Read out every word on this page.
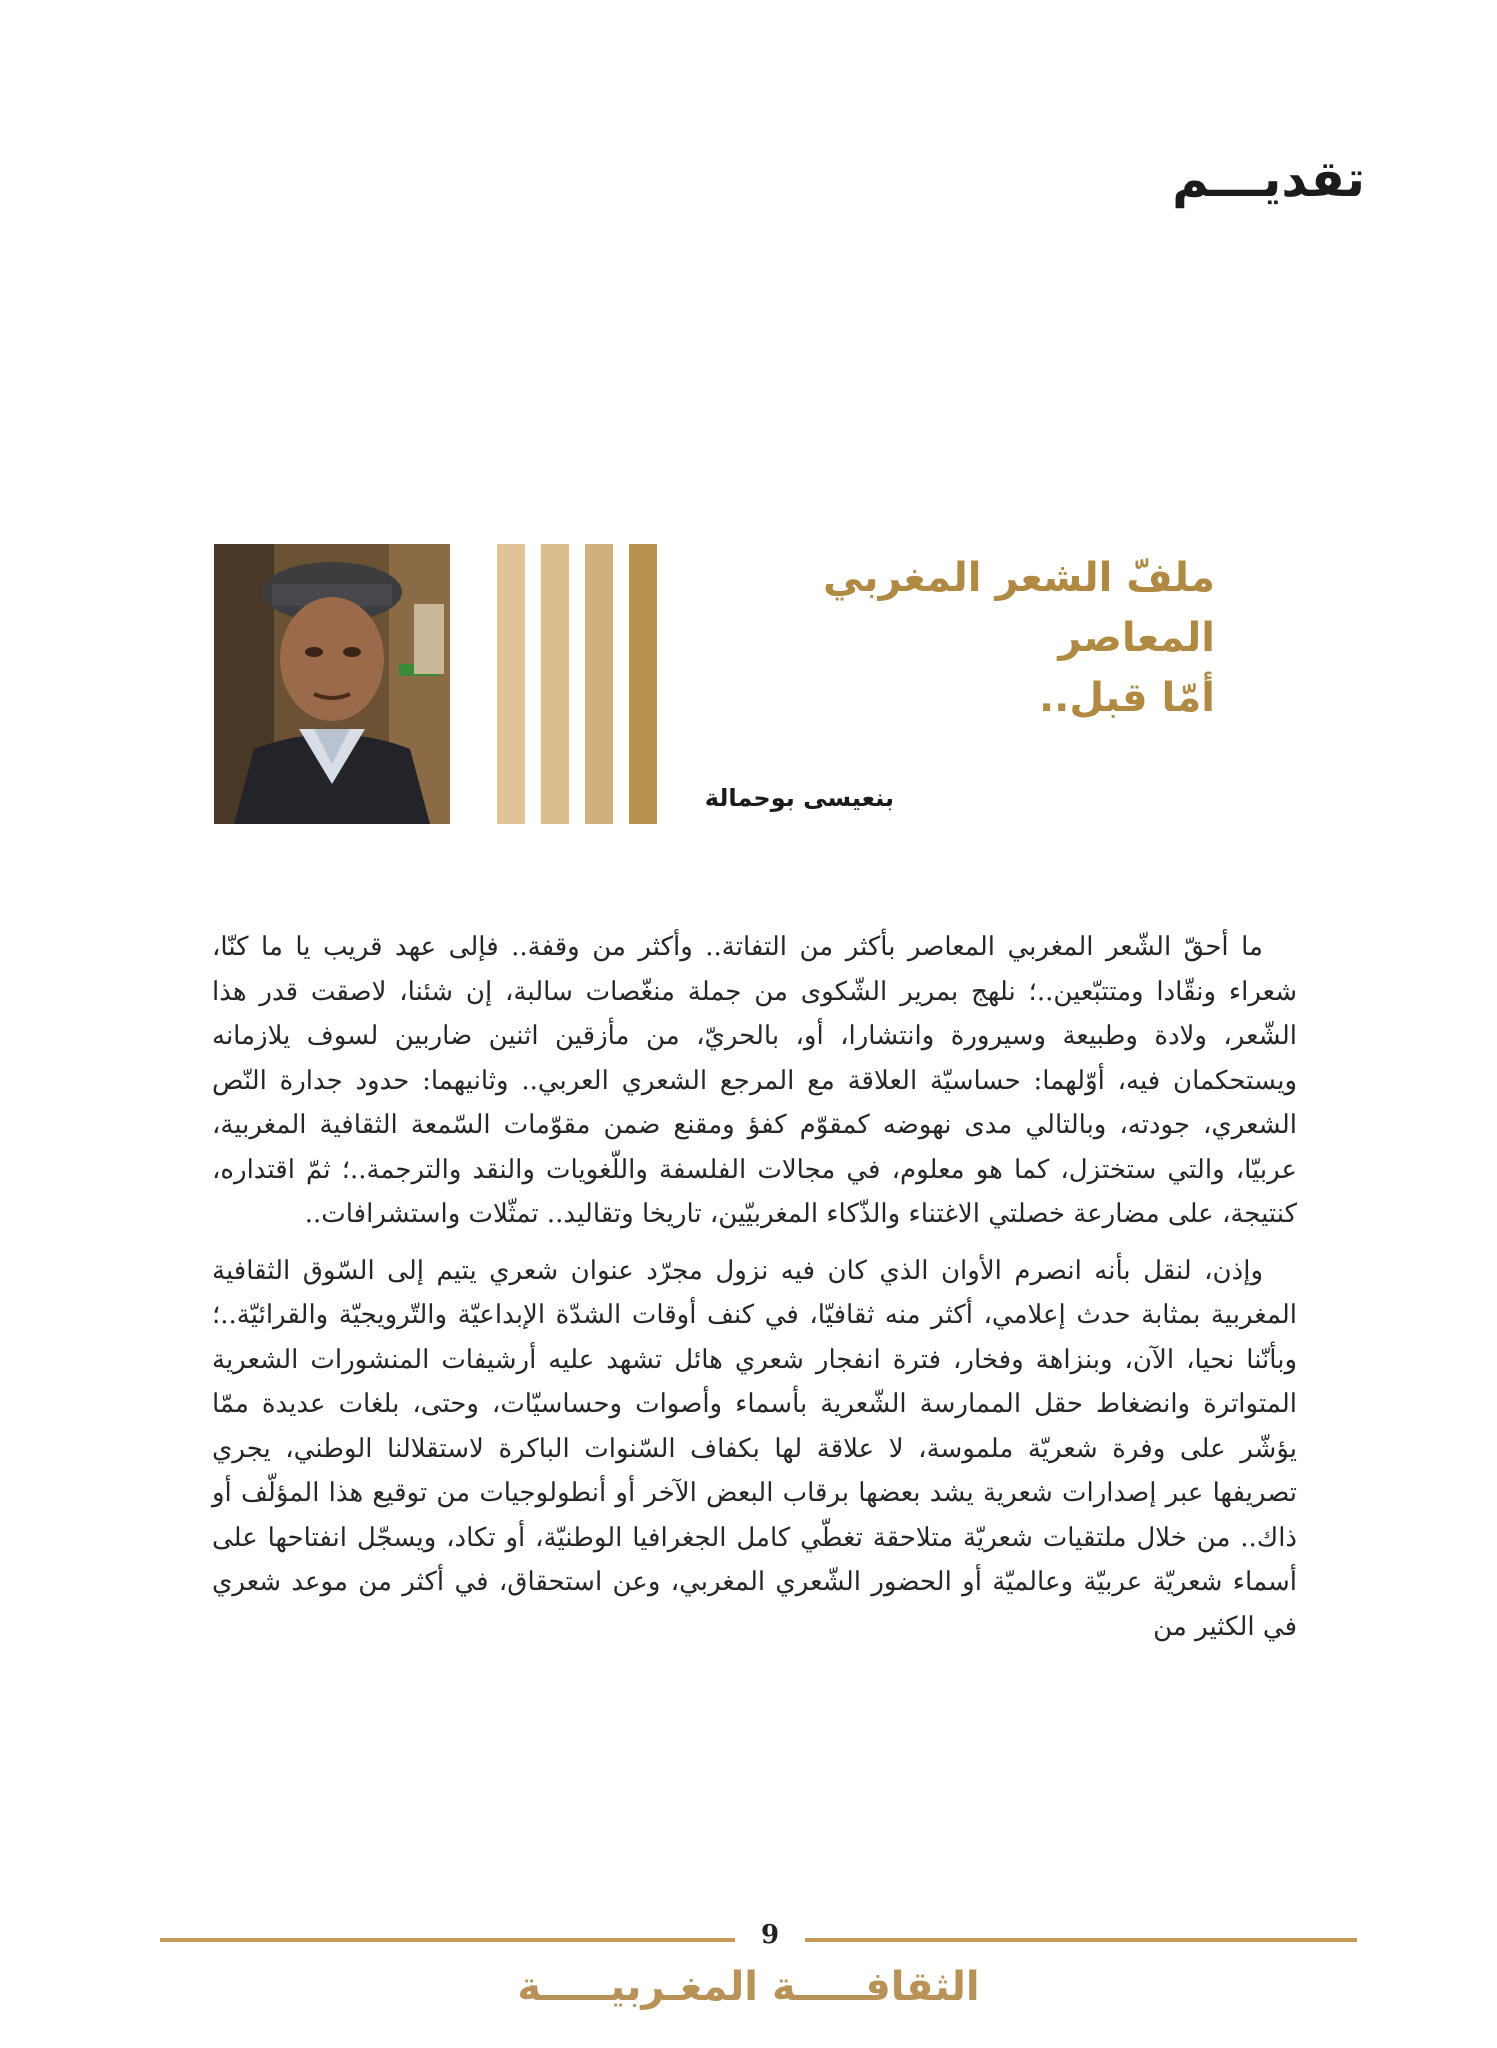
تقديـــم
ملفّ الشعر المغربي المعاصر
أمّا قبل..
بنعيسى بوحمالة

ما أحقّ الشّعر المغربي المعاصر بأكثر من التفاتة.. وأكثر من وقفة.. فإلى عهد قريب يا ما كنّا، شعراء ونقّادا ومتتبّعين..؛ نلهج بمرير الشّكوى من جملة منغّصات سالبة، إن شئنا، لاصقت قدر هذا الشّعر، ولادة وطبيعة وسيرورة وانتشارا، أو، بالحريّ، من مأزقين اثنين ضاربين لسوف يلازمانه ويستحكمان فيه، أوّلهما: حساسيّة العلاقة مع المرجع الشعري العربي.. وثانيهما: حدود جدارة النّص الشعري، جودته، وبالتالي مدى نهوضه كمقوّم كفؤ ومقنع ضمن مقوّمات السّمعة الثقافية المغربية، عربيّا، والتي ستختزل، كما هو معلوم، في مجالات الفلسفة واللّغويات والنقد والترجمة..؛ ثمّ اقتداره، كنتيجة، على مضارعة خصلتي الاغتناء والذّكاء المغربيّين، تاريخا وتقاليد.. تمثّلات واستشرافات..

وإذن، لنقل بأنه انصرم الأوان الذي كان فيه نزول مجرّد عنوان شعري يتيم إلى السّوق الثقافية المغربية بمثابة حدث إعلامي، أكثر منه ثقافيّا، في كنف أوقات الشدّة الإبداعيّة والتّرويجيّة والقرائيّة..؛ وبأنّنا نحيا، الآن، وبنزاهة وفخار، فترة انفجار شعري هائل تشهد عليه أرشيفات المنشورات الشعرية المتواترة وانضغاط حقل الممارسة الشّعرية بأسماء وأصوات وحساسيّات، وحتى، بلغات عديدة ممّا يؤشّر على وفرة شعريّة ملموسة، لا علاقة لها بكفاف السّنوات الباكرة لاستقلالنا الوطني، يجري تصريفها عبر إصدارات شعرية يشد بعضها برقاب البعض الآخر أو أنطولوجيات من توقيع هذا المؤلّف أو ذاك.. من خلال ملتقيات شعريّة متلاحقة تغطّي كامل الجغرافيا الوطنيّة، أو تكاد، ويسجّل انفتاحها على أسماء شعريّة عربيّة وعالميّة أو الحضور الشّعري المغربي، وعن استحقاق، في أكثر من موعد شعري في الكثير من

9
الثقافـــــة المغـربيـــــة
